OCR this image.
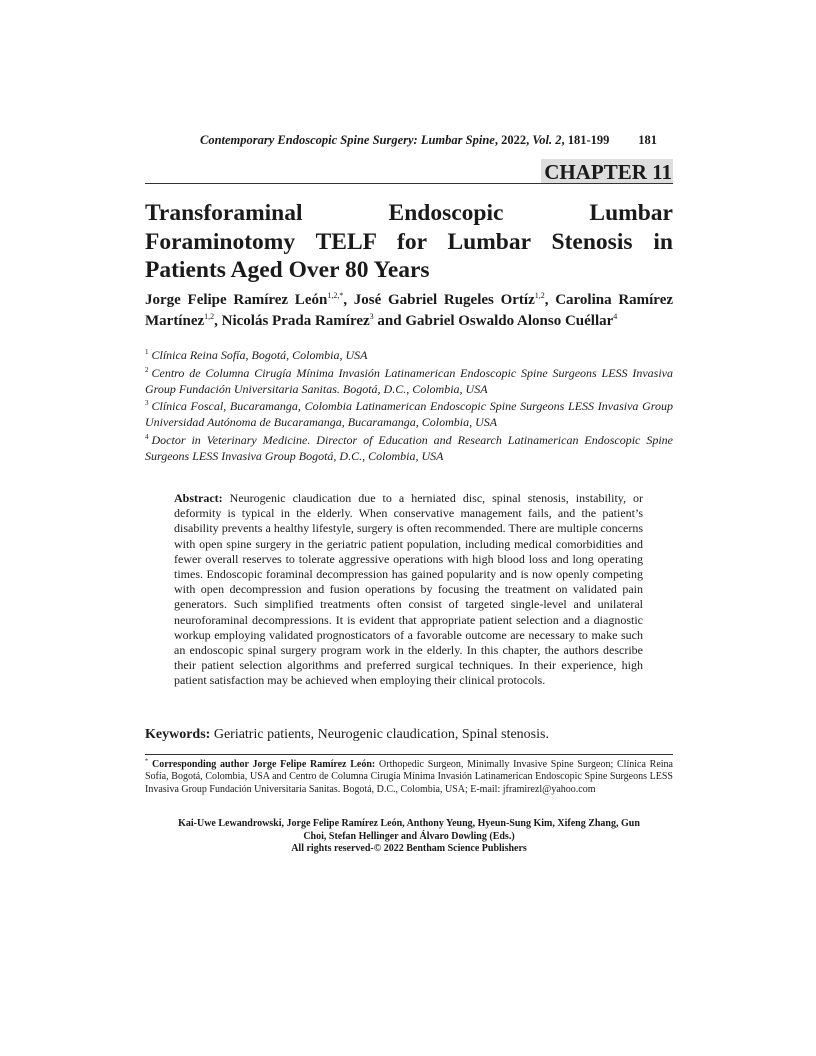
Contemporary Endoscopic Spine Surgery: Lumbar Spine, 2022, Vol. 2, 181-199 181
CHAPTER 11
Transforaminal Endoscopic Lumbar
Foraminotomy TELF for Lumbar Stenosis in
Patients Aged Over 80 Years
Jorge Felipe Ramírez León$^{1,2,*}$, José Gabriel Rugeles Ortíz$^{1,2}$, Carolina Ramírez Martínez$^{1,2}$, Nicolás Prada Ramírez$^3$ and Gabriel Oswaldo Alonso Cuéllar$^4$

$^1$ Clínica Reina Sofía, Bogotá, Colombia, USA

$^2$ Centro de Columna Cirugía Mínima Invasión Latinamerican Endoscopic Spine Surgeons LESS Invasiva Group Fundación Universitaria Sanitas. Bogotá, D.C., Colombia, USA

$^3$ Clínica Foscal, Bucaramanga, Colombia Latinamerican Endoscopic Spine Surgeons LESS Invasiva Group Universidad Autónoma de Bucaramanga, Bucaramanga, Colombia, USA

$^4$ Doctor in Veterinary Medicine. Director of Education and Research Latinamerican Endoscopic Spine Surgeons LESS Invasiva Group Bogotá, D.C., Colombia, USA

Abstract: Neurogenic claudication due to a herniated disc, spinal stenosis, instability, or deformity is typical in the elderly. When conservative management fails, and the patient’s disability prevents a healthy lifestyle, surgery is often recommended. There are multiple concerns with open spine surgery in the geriatric patient population, including medical comorbidities and fewer overall reserves to tolerate aggressive operations with high blood loss and long operating times. Endoscopic foraminal decompression has gained popularity and is now openly competing with open decompression and fusion operations by focusing the treatment on validated pain generators. Such simplified treatments often consist of targeted single-level and unilateral neuroforaminal decompressions. It is evident that appropriate patient selection and a diagnostic workup employing validated prognosticators of a favorable outcome are necessary to make such an endoscopic spinal surgery program work in the elderly. In this chapter, the authors describe their patient selection algorithms and preferred surgical techniques. In their experience, high patient satisfaction may be achieved when employing their clinical protocols.
Keywords: Geriatric patients, Neurogenic claudication, Spinal stenosis.
* Corresponding author Jorge Felipe Ramírez León: Orthopedic Surgeon, Minimally Invasive Spine Surgeon; Clínica Reina Sofía, Bogotá, Colombia, USA and Centro de Columna Cirugía Mínima Invasión Latinamerican Endoscopic Spine Surgeons LESS Invasiva Group Fundación Universitaria Sanitas. Bogotá, D.C., Colombia, USA; E-mail: jframirezl@yahoo.com
Kai-Uwe Lewandrowski, Jorge Felipe Ramírez León, Anthony Yeung, Hyeun-Sung Kim, Xifeng Zhang, Gun Choi, Stefan Hellinger and Álvaro Dowling (Eds.)
All rights reserved-© 2022 Bentham Science Publishers
